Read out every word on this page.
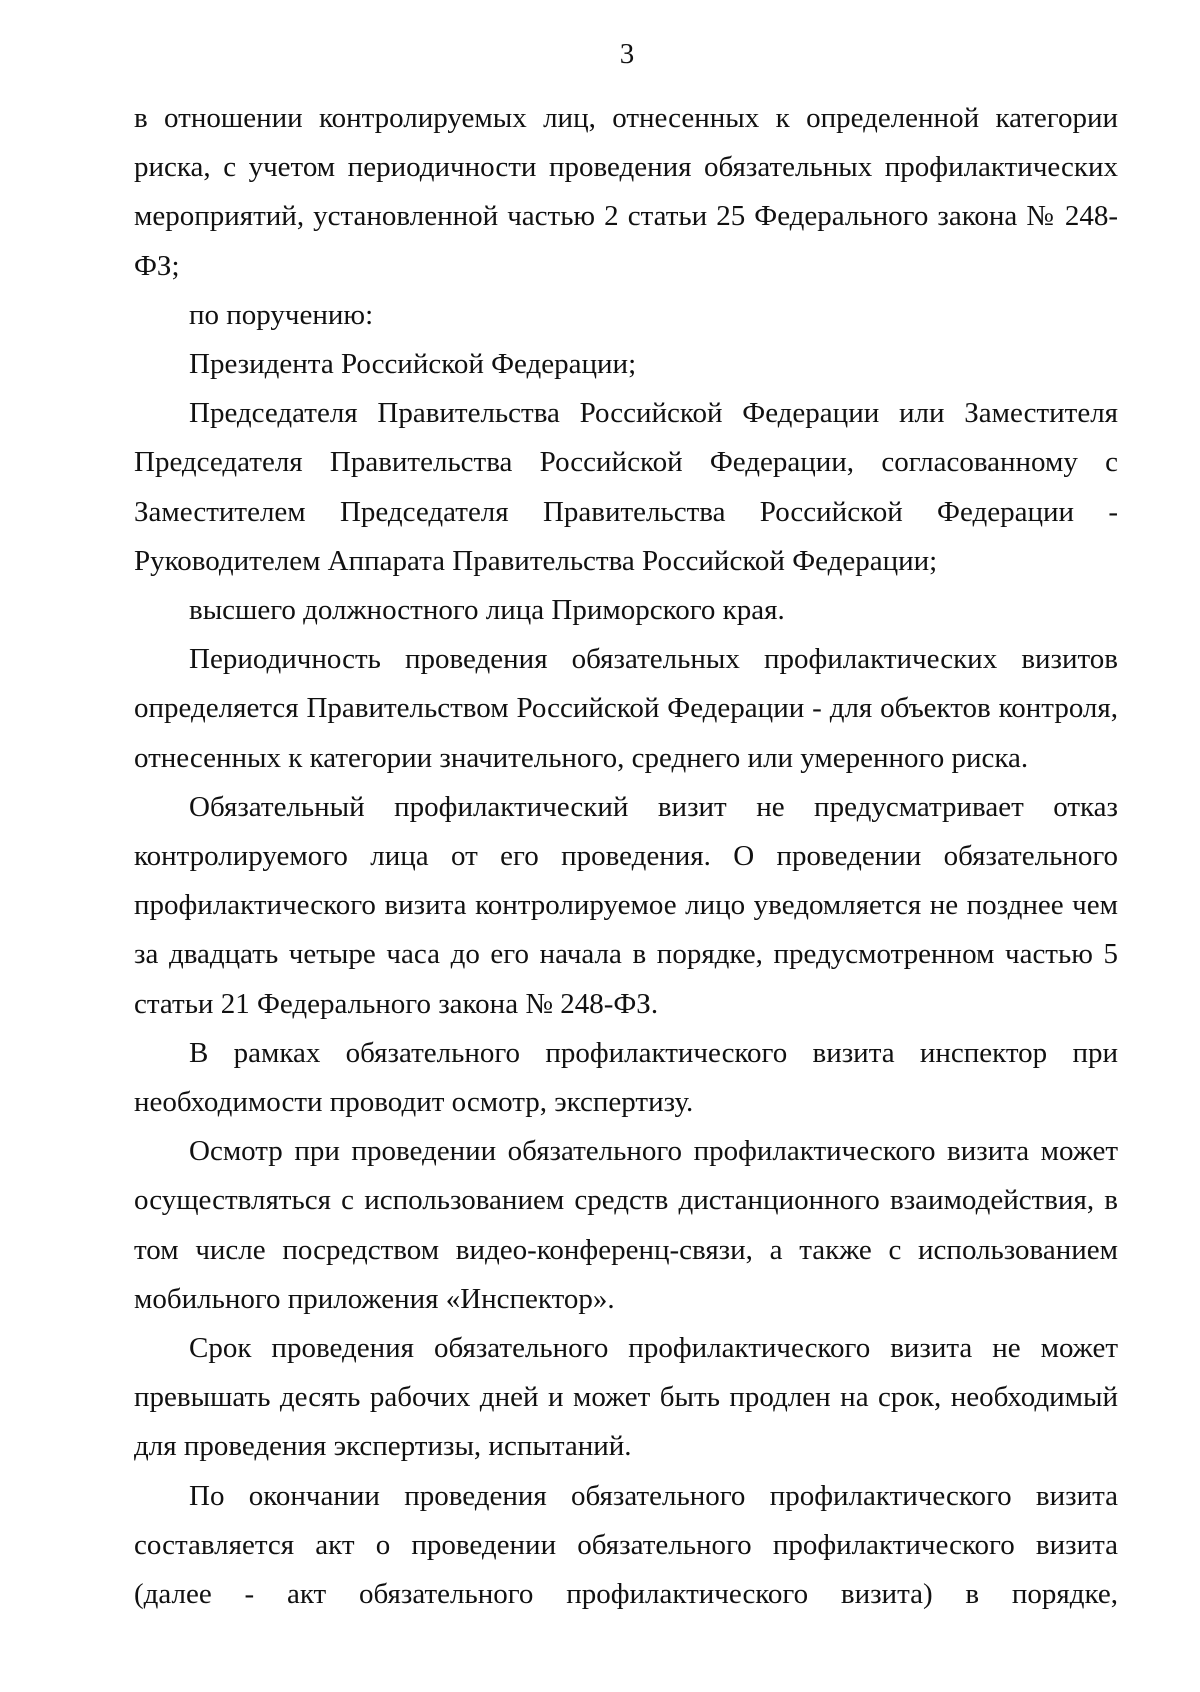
3

в отношении контролируемых лиц, отнесенных к определенной категории риска, с учетом периодичности проведения обязательных профилактических мероприятий, установленной частью 2 статьи 25 Федерального закона № 248-ФЗ;

по поручению:

Президента Российской Федерации;

Председателя Правительства Российской Федерации или Заместителя Председателя Правительства Российской Федерации, согласованному с Заместителем Председателя Правительства Российской Федерации - Руководителем Аппарата Правительства Российской Федерации;

высшего должностного лица Приморского края.

Периодичность проведения обязательных профилактических визитов определяется Правительством Российской Федерации - для объектов контроля, отнесенных к категории значительного, среднего или умеренного риска.

Обязательный профилактический визит не предусматривает отказ контролируемого лица от его проведения. О проведении обязательного профилактического визита контролируемое лицо уведомляется не позднее чем за двадцать четыре часа до его начала в порядке, предусмотренном частью 5 статьи 21 Федерального закона № 248-ФЗ.

В рамках обязательного профилактического визита инспектор при необходимости проводит осмотр, экспертизу.

Осмотр при проведении обязательного профилактического визита может осуществляться с использованием средств дистанционного взаимодействия, в том числе посредством видео-конференц-связи, а также с использованием мобильного приложения «Инспектор».

Срок проведения обязательного профилактического визита не может превышать десять рабочих дней и может быть продлен на срок, необходимый для проведения экспертизы, испытаний.

По окончании проведения обязательного профилактического визита составляется акт о проведении обязательного профилактического визита (далее - акт обязательного профилактического визита) в порядке,
